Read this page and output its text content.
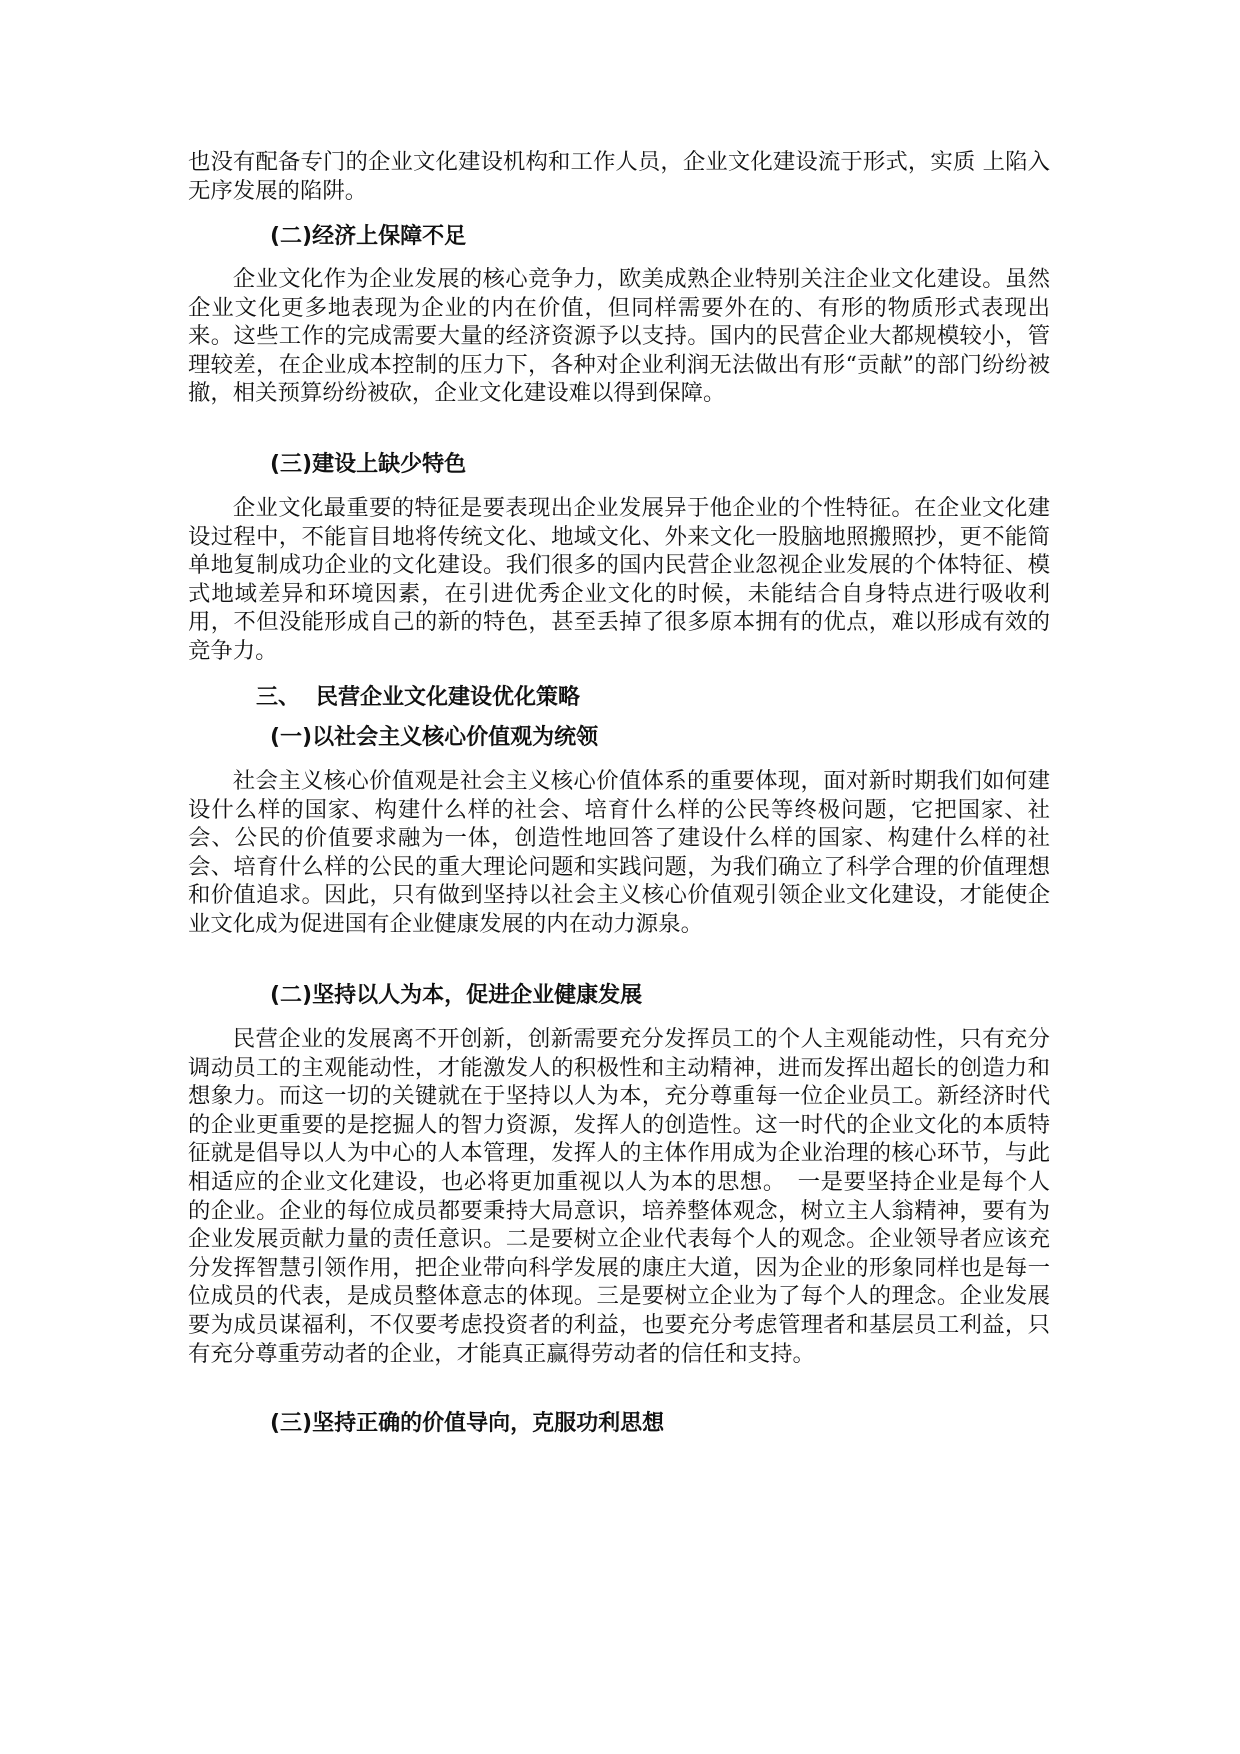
也没有配备专门的企业文化建设机构和工作人员，企业文化建设流于形式，实质 上陷入无序发展的陷阱。

(二)经济上保障不足

企业文化作为企业发展的核心竞争力，欧美成熟企业特别关注企业文化建设。虽然企业文化更多地表现为企业的内在价值，但同样需要外在的、有形的物质形式表现出来。这些工作的完成需要大量的经济资源予以支持。国内的民营企业大都规模较小，管理较差，在企业成本控制的压力下，各种对企业利润无法做出有形“贡献”的部门纷纷被撤，相关预算纷纷被砍，企业文化建设难以得到保障。

(三)建设上缺少特色

企业文化最重要的特征是要表现出企业发展异于他企业的个性特征。在企业文化建设过程中，不能盲目地将传统文化、地域文化、外来文化一股脑地照搬照抄，更不能简单地复制成功企业的文化建设。我们很多的国内民营企业忽视企业发展的个体特征、模式地域差异和环境因素，在引进优秀企业文化的时候，未能结合自身特点进行吸收利用，不但没能形成自己的新的特色，甚至丢掉了很多原本拥有的优点，难以形成有效的竞争力。

三、 民营企业文化建设优化策略
(一)以社会主义核心价值观为统领

社会主义核心价值观是社会主义核心价值体系的重要体现，面对新时期我们如何建设什么样的国家、构建什么样的社会、培育什么样的公民等终极问题，它把国家、社会、公民的价值要求融为一体，创造性地回答了建设什么样的国家、构建什么样的社会、培育什么样的公民的重大理论问题和实践问题，为我们确立了科学合理的价值理想和价值追求。因此，只有做到坚持以社会主义核心价值观引领企业文化建设，才能使企业文化成为促进国有企业健康发展的内在动力源泉。

(二)坚持以人为本，促进企业健康发展

民营企业的发展离不开创新，创新需要充分发挥员工的个人主观能动性，只有充分调动员工的主观能动性，才能激发人的积极性和主动精神，进而发挥出超长的创造力和想象力。而这一切的关键就在于坚持以人为本，充分尊重每一位企业员工。新经济时代的企业更重要的是挖掘人的智力资源，发挥人的创造性。这一时代的企业文化的本质特征就是倡导以人为中心的人本管理，发挥人的主体作用成为企业治理的核心环节，与此相适应的企业文化建设，也必将更加重视以人为本的思想。　一是要坚持企业是每个人的企业。企业的每位成员都要秉持大局意识，培养整体观念，树立主人翁精神，要有为企业发展贡献力量的责任意识。二是要树立企业代表每个人的观念。企业领导者应该充分发挥智慧引领作用，把企业带向科学发展的康庄大道，因为企业的形象同样也是每一位成员的代表，是成员整体意志的体现。三是要树立企业为了每个人的理念。企业发展要为成员谋福利，不仅要考虑投资者的利益，也要充分考虑管理者和基层员工利益，只有充分尊重劳动者的企业，才能真正赢得劳动者的信任和支持。

(三)坚持正确的价值导向，克服功利思想
